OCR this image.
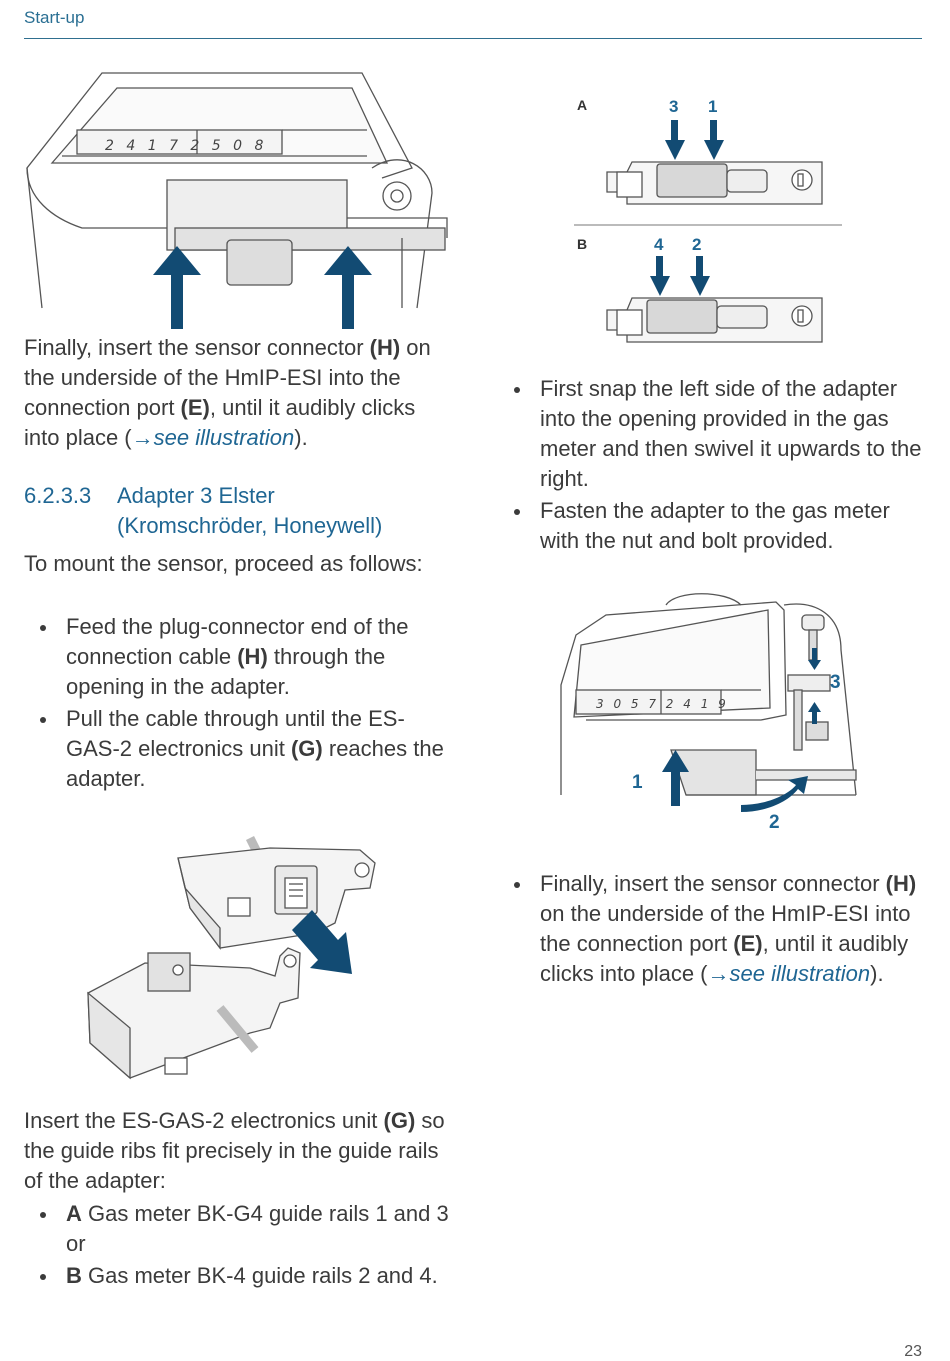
Start-up
2 4 1 7 2 5 0 8
Finally, insert the sensor connector (H) on the underside of the HmIP-ESI into the connection port (E), until it audibly clicks into place (→see illustration).
6.2.3.3 Adapter 3 Elster
(Kromschröder, Honeywell)
To mount the sensor, proceed as follows:
Feed the plug-connector end of the connection cable (H) through the opening in the adapter.
Pull the cable through until the ES-GAS-2 electronics unit (G) reaches the adapter.
Insert the ES-GAS-2 electronics unit (G) so the guide ribs fit precisely in the guide rails of the adapter:
A Gas meter BK-G4 guide rails 1 and 3 or
B Gas meter BK-4 guide rails 2 and 4.
A	3 1
B	4 2
First snap the left side of the adapter into the opening provided in the gas meter and then swivel it upwards to the right.
Fasten the adapter to the gas meter with the nut and bolt provided.
3 0 5 7 2 4 1 9
1
2
3
Finally, insert the sensor connector (H) on the underside of the HmIP-ESI into the connection port (E), until it audibly clicks into place (→see illustration).
23
